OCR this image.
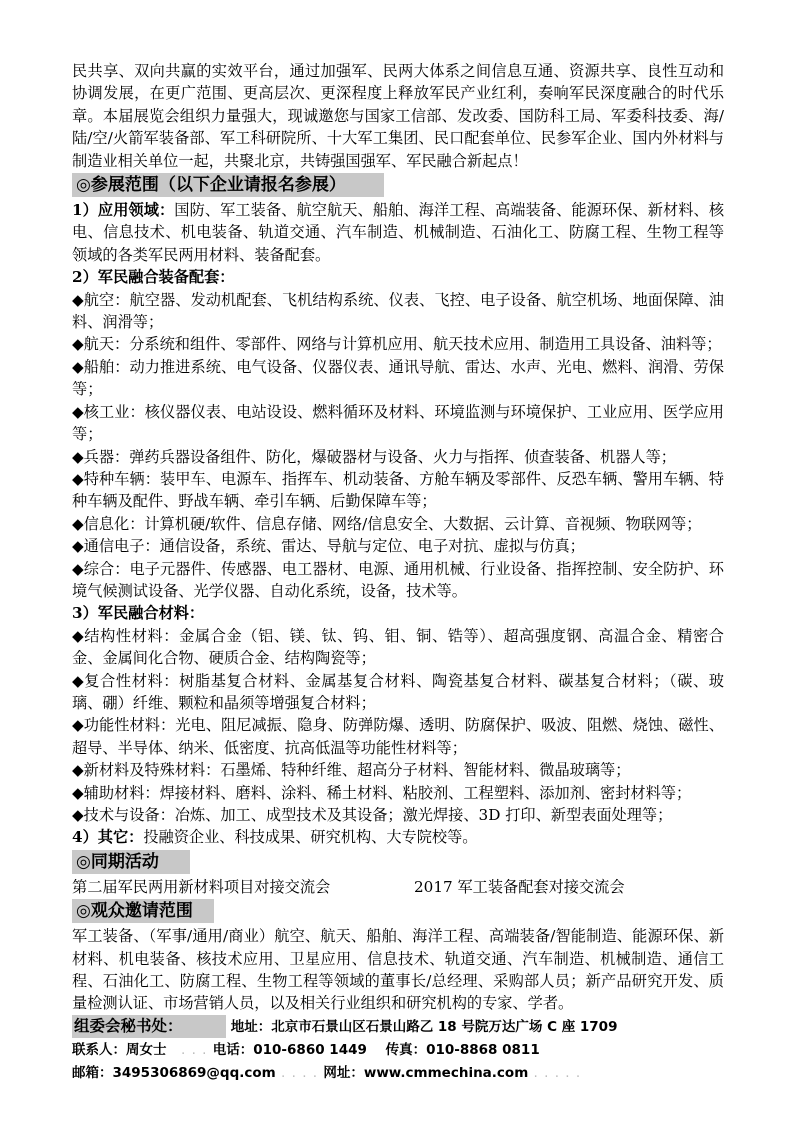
民共享、双向共赢的实效平台，通过加强军、民两大体系之间信息互通、资源共享、良性互动和协调发展，在更广范围、更高层次、更深程度上释放军民产业红利，奏响军民深度融合的时代乐章。本届展览会组织力量强大，现诚邀您与国家工信部、发改委、国防科工局、军委科技委、海/陆/空/火箭军装备部、军工科研院所、十大军工集团、民口配套单位、民参军企业、国内外材料与制造业相关单位一起，共聚北京，共铸强国强军、军民融合新起点！

◎参展范围（以下企业请报名参展）

1）应用领域：国防、军工装备、航空航天、船舶、海洋工程、高端装备、能源环保、新材料、核电、信息技术、机电装备、轨道交通、汽车制造、机械制造、石油化工、防腐工程、生物工程等领域的各类军民两用材料、装备配套。

2）军民融合装备配套：

◆航空：航空器、发动机配套、飞机结构系统、仪表、飞控、电子设备、航空机场、地面保障、油料、润滑等；

◆航天：分系统和组件、零部件、网络与计算机应用、航天技术应用、制造用工具设备、油料等；

◆船舶：动力推进系统、电气设备、仪器仪表、通讯导航、雷达、水声、光电、燃料、润滑、劳保等；

◆核工业：核仪器仪表、电站设设、燃料循环及材料、环境监测与环境保护、工业应用、医学应用等；

◆兵器：弹药兵器设备组件、防化，爆破器材与设备、火力与指挥、侦查装备、机器人等；

◆特种车辆：装甲车、电源车、指挥车、机动装备、方舱车辆及零部件、反恐车辆、警用车辆、特种车辆及配件、野战车辆、牵引车辆、后勤保障车等；

◆信息化：计算机硬/软件、信息存储、网络/信息安全、大数据、云计算、音视频、物联网等；

◆通信电子：通信设备，系统、雷达、导航与定位、电子对抗、虚拟与仿真；

◆综合：电子元器件、传感器、电工器材、电源、通用机械、行业设备、指挥控制、安全防护、环境气候测试设备、光学仪器、自动化系统，设备，技术等。

3）军民融合材料：

◆结构性材料：金属合金（铝、镁、钛、钨、钼、铜、锆等）、超高强度钢、高温合金、精密合金、金属间化合物、硬质合金、结构陶瓷等；

◆复合性材料：树脂基复合材料、金属基复合材料、陶瓷基复合材料、碳基复合材料；（碳、玻璃、硼）纤维、颗粒和晶须等增强复合材料；

◆功能性材料：光电、阻尼减振、隐身、防弹防爆、透明、防腐保护、吸波、阻燃、烧蚀、磁性、超导、半导体、纳米、低密度、抗高低温等功能性材料等；

◆新材料及特殊材料：石墨烯、特种纤维、超高分子材料、智能材料、微晶玻璃等；

◆辅助材料：焊接材料、磨料、涂料、稀土材料、粘胶剂、工程塑料、添加剂、密封材料等；

◆技术与设备：冶炼、加工、成型技术及其设备；激光焊接、3D 打印、新型表面处理等；

4）其它：投融资企业、科技成果、研究机构、大专院校等。

◎同期活动
第二届军民两用新材料项目对接交流会	2017 军工装备配套对接交流会
◎观众邀请范围

军工装备、（军事/通用/商业）航空、航天、船舶、海洋工程、高端装备/智能制造、能源环保、新材料、机电装备、核技术应用、卫星应用、信息技术、轨道交通、汽车制造、机械制造、通信工程、石油化工、防腐工程、生物工程等领域的董事长/总经理、采购部人员；新产品研究开发、质量检测认证、市场营销人员，以及相关行业组织和研究机构的专家、学者。

组委会秘书处：	地址：北京市石景山区石景山路乙 18 号院万达广场 C 座 1709
联系人：周女士　. . . 电话：010-6860 1449 传真：010-8868 0811
邮箱：3495306869@qq.com . . . . 网址：www.cmmechina.com . . . . .
